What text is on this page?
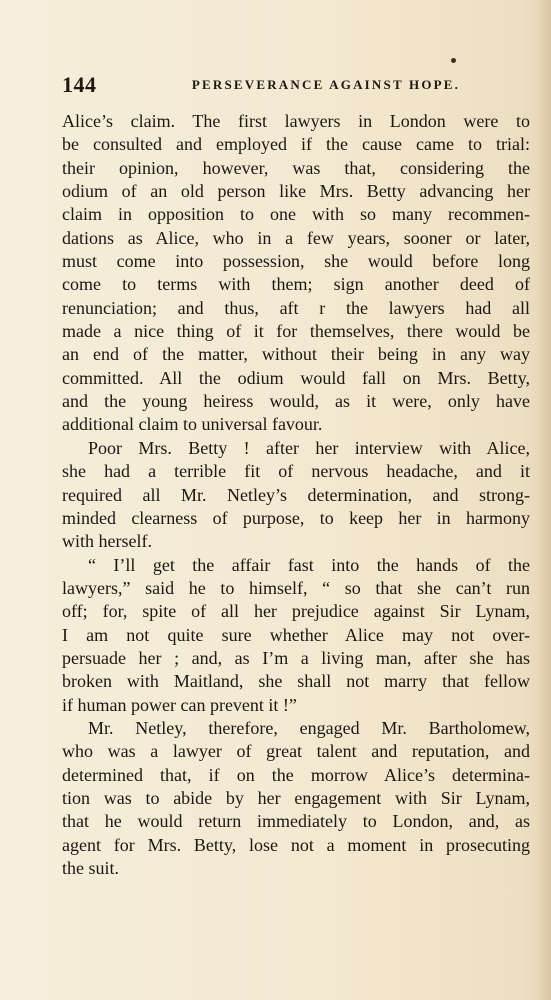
144	PERSEVERANCE AGAINST HOPE.
Alice’s claim. The first lawyers in London were to
be consulted and employed if the cause came to trial:
their opinion, however, was that, considering the
odium of an old person like Mrs. Betty advancing her
claim in opposition to one with so many recommen-
dations as Alice, who in a few years, sooner or later,
must come into possession, she would before long
come to terms with them; sign another deed of
renunciation; and thus, aft r the lawyers had all
made a nice thing of it for themselves, there would be
an end of the matter, without their being in any way
committed. All the odium would fall on Mrs. Betty,
and the young heiress would, as it were, only have
additional claim to universal favour.
Poor Mrs. Betty ! after her interview with Alice,
she had a terrible fit of nervous headache, and it
required all Mr. Netley’s determination, and strong-
minded clearness of purpose, to keep her in harmony
with herself.
“ I’ll get the affair fast into the hands of the
lawyers,” said he to himself, “ so that she can’t run
off; for, spite of all her prejudice against Sir Lynam,
I am not quite sure whether Alice may not over-
persuade her ; and, as I’m a living man, after she has
broken with Maitland, she shall not marry that fellow
if human power can prevent it !”
Mr. Netley, therefore, engaged Mr. Bartholomew,
who was a lawyer of great talent and reputation, and
determined that, if on the morrow Alice’s determina-
tion was to abide by her engagement with Sir Lynam,
that he would return immediately to London, and, as
agent for Mrs. Betty, lose not a moment in prosecuting
the suit.
